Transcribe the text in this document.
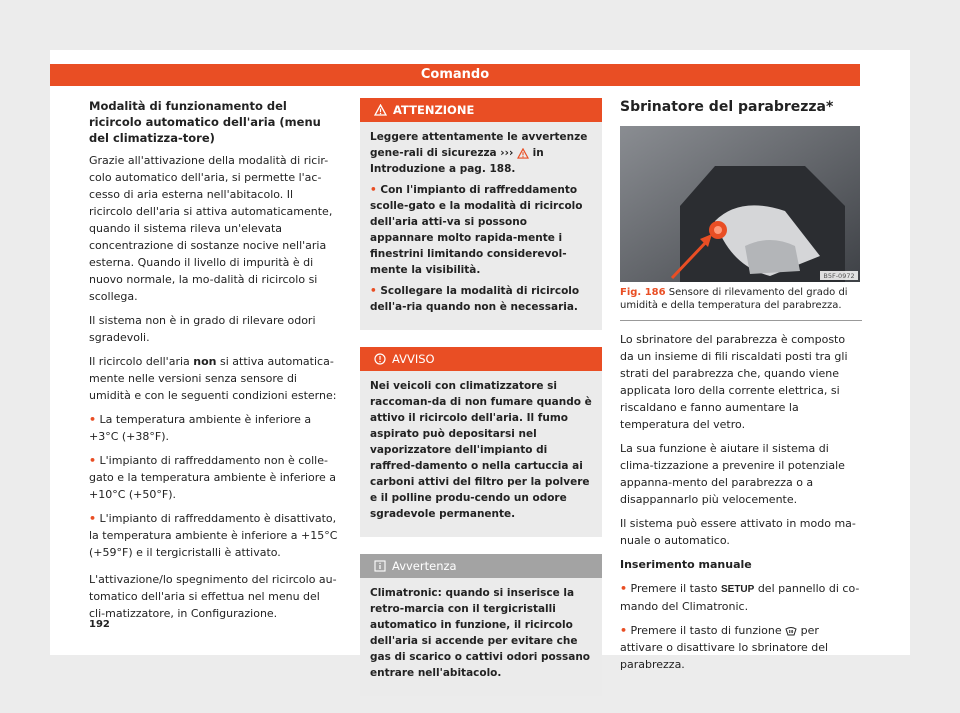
Comando
Modalità di funzionamento del ricircolo automatico dell'aria (menu del climatizza-tore)

Grazie all'attivazione della modalità di ricir-colo automatico dell'aria, si permette l'ac-cesso di aria esterna nell'abitacolo. Il ricircolo dell'aria si attiva automaticamente, quando il sistema rileva un'elevata concentrazione di sostanze nocive nell'aria esterna. Quando il livello di impurità è di nuovo normale, la mo-dalità di ricircolo si scollega.

Il sistema non è in grado di rilevare odori sgradevoli.

Il ricircolo dell'aria non si attiva automatica-mente nelle versioni senza sensore di umidità e con le seguenti condizioni esterne:

• La temperatura ambiente è inferiore a +3°C (+38°F).

• L'impianto di raffreddamento non è colle-gato e la temperatura ambiente è inferiore a +10°C (+50°F).

• L'impianto di raffreddamento è disattivato, la temperatura ambiente è inferiore a +15°C (+59°F) e il tergicristalli è attivato.

L'attivazione/lo spegnimento del ricircolo au-tomatico dell'aria si effettua nel menu del cli-matizzatore, in Configurazione.

ATTENZIONE

Leggere attentamente le avvertenze gene-rali di sicurezza ››› in Introduzione a pag. 188.

• Con l'impianto di raffreddamento scolle-gato e la modalità di ricircolo dell'aria atti-va si possono appannare molto rapida-mente i finestrini limitando considerevol-mente la visibilità.

• Scollegare la modalità di ricircolo dell'a-ria quando non è necessaria.

AVVISO

Nei veicoli con climatizzatore si raccoman-da di non fumare quando è attivo il ricircolo dell'aria. Il fumo aspirato può depositarsi nel vaporizzatore dell'impianto di raffred-damento o nella cartuccia ai carboni attivi del filtro per la polvere e il polline produ-cendo un odore sgradevole permanente.

Avvertenza

Climatronic: quando si inserisce la retro-marcia con il tergicristalli automatico in funzione, il ricircolo dell'aria si accende per evitare che gas di scarico o cattivi odori possano entrare nell'abitacolo.

Sbrinatore del parabrezza*
B5F-0972
Fig. 186 Sensore di rilevamento del grado di umidità e della temperatura del parabrezza.

Lo sbrinatore del parabrezza è composto da un insieme di fili riscaldati posti tra gli strati del parabrezza che, quando viene applicata loro della corrente elettrica, si riscaldano e fanno aumentare la temperatura del vetro.

La sua funzione è aiutare il sistema di clima-tizzazione a prevenire il potenziale appanna-mento del parabrezza o a disappannarlo più velocemente.

Il sistema può essere attivato in modo ma-nuale o automatico.

Inserimento manuale

• Premere il tasto SETUP del pannello di co-mando del Climatronic.

• Premere il tasto di funzione  per attivare o disattivare lo sbrinatore del parabrezza.

192
